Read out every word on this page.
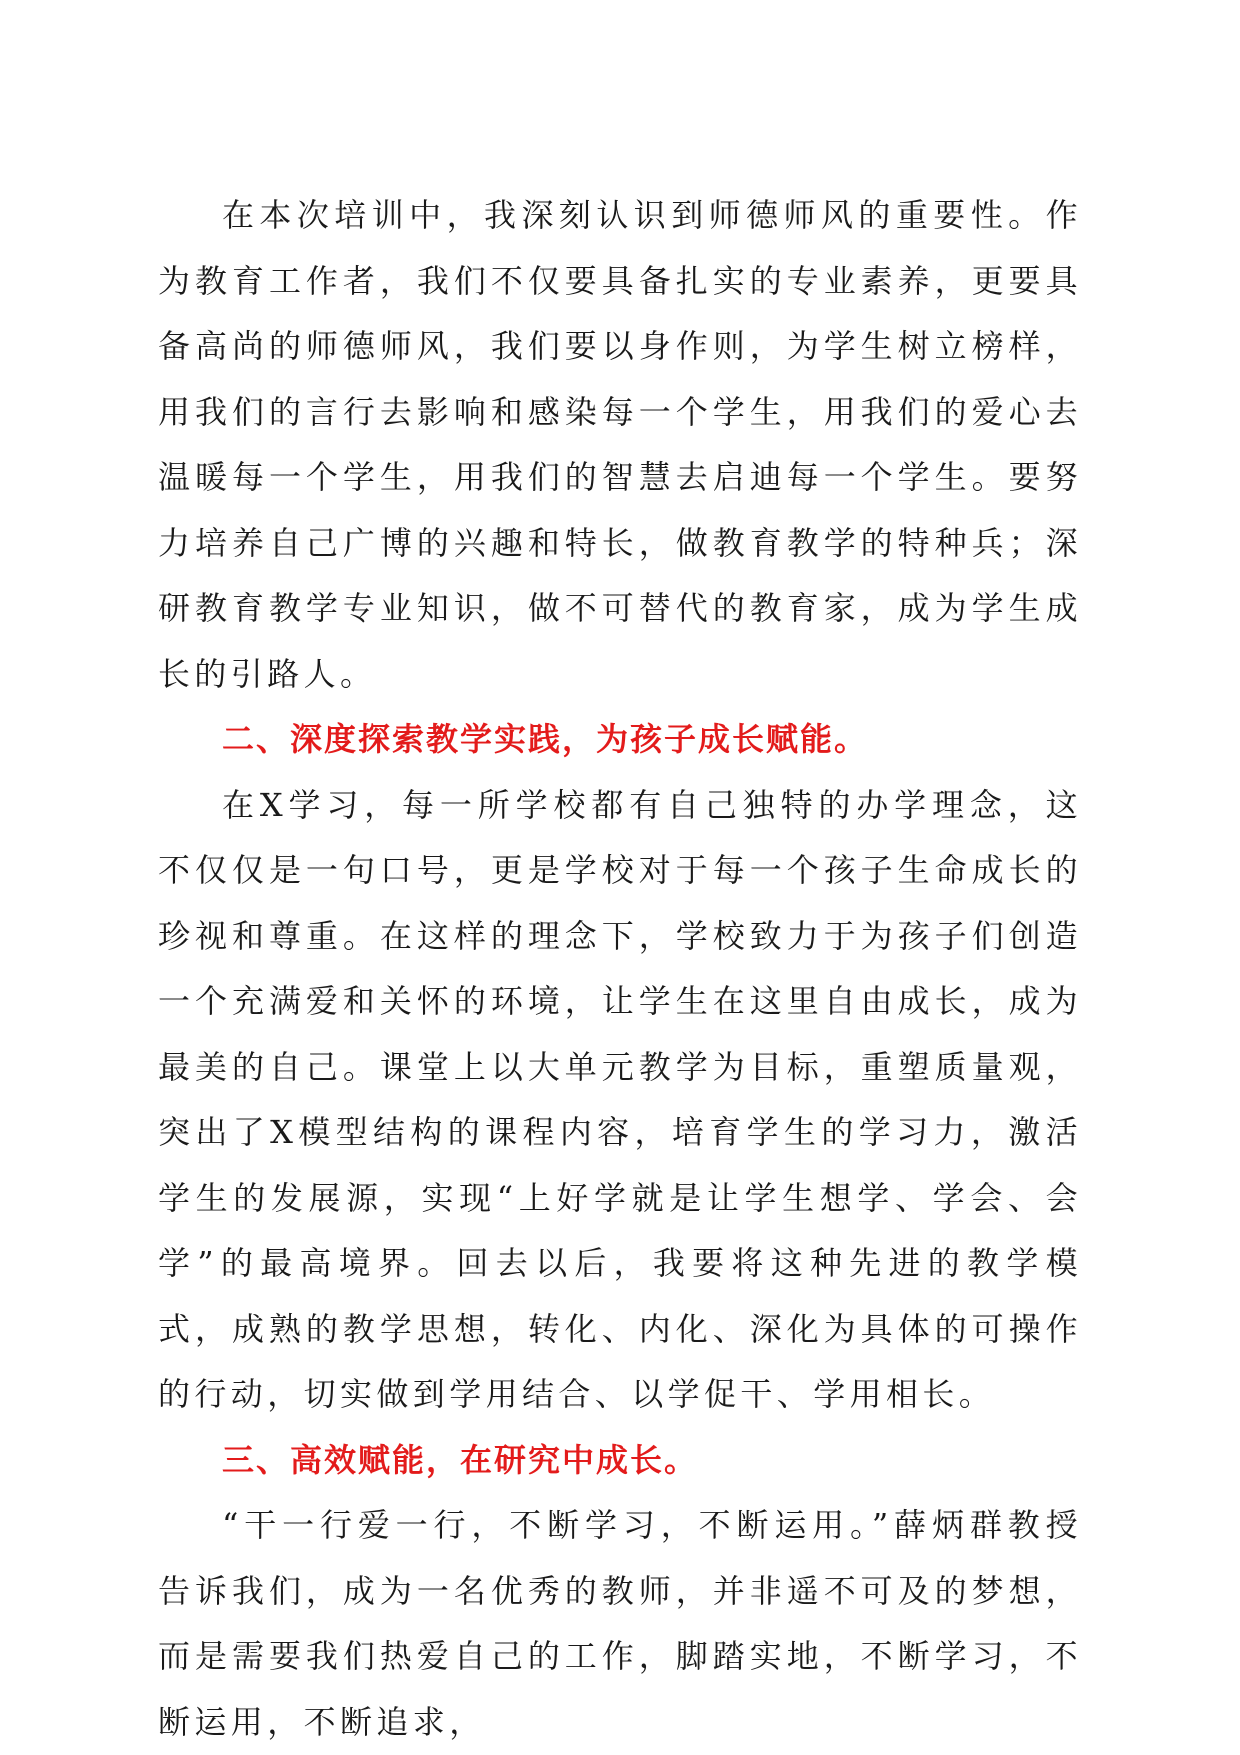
在本次培训中，我深刻认识到师德师风的重要性。作为教育工作者，我们不仅要具备扎实的专业素养，更要具备高尚的师德师风，我们要以身作则，为学生树立榜样，用我们的言行去影响和感染每一个学生，用我们的爱心去温暖每一个学生，用我们的智慧去启迪每一个学生。要努力培养自己广博的兴趣和特长，做教育教学的特种兵；深研教育教学专业知识，做不可替代的教育家，成为学生成长的引路人。

二、深度探索教学实践，为孩子成长赋能。

在X学习，每一所学校都有自己独特的办学理念，这不仅仅是一句口号，更是学校对于每一个孩子生命成长的珍视和尊重。在这样的理念下，学校致力于为孩子们创造一个充满爱和关怀的环境，让学生在这里自由成长，成为最美的自己。课堂上以大单元教学为目标，重塑质量观，突出了X模型结构的课程内容，培育学生的学习力，激活学生的发展源，实现“上好学就是让学生想学、学会、会学”的最高境界。回去以后，我要将这种先进的教学模式，成熟的教学思想，转化、内化、深化为具体的可操作的行动，切实做到学用结合、以学促干、学用相长。

三、高效赋能，在研究中成长。

“干一行爱一行，不断学习，不断运用。”薛炳群教授告诉我们，成为一名优秀的教师，并非遥不可及的梦想，而是需要我们热爱自己的工作，脚踏实地，不断学习，不断运用，不断追求，
